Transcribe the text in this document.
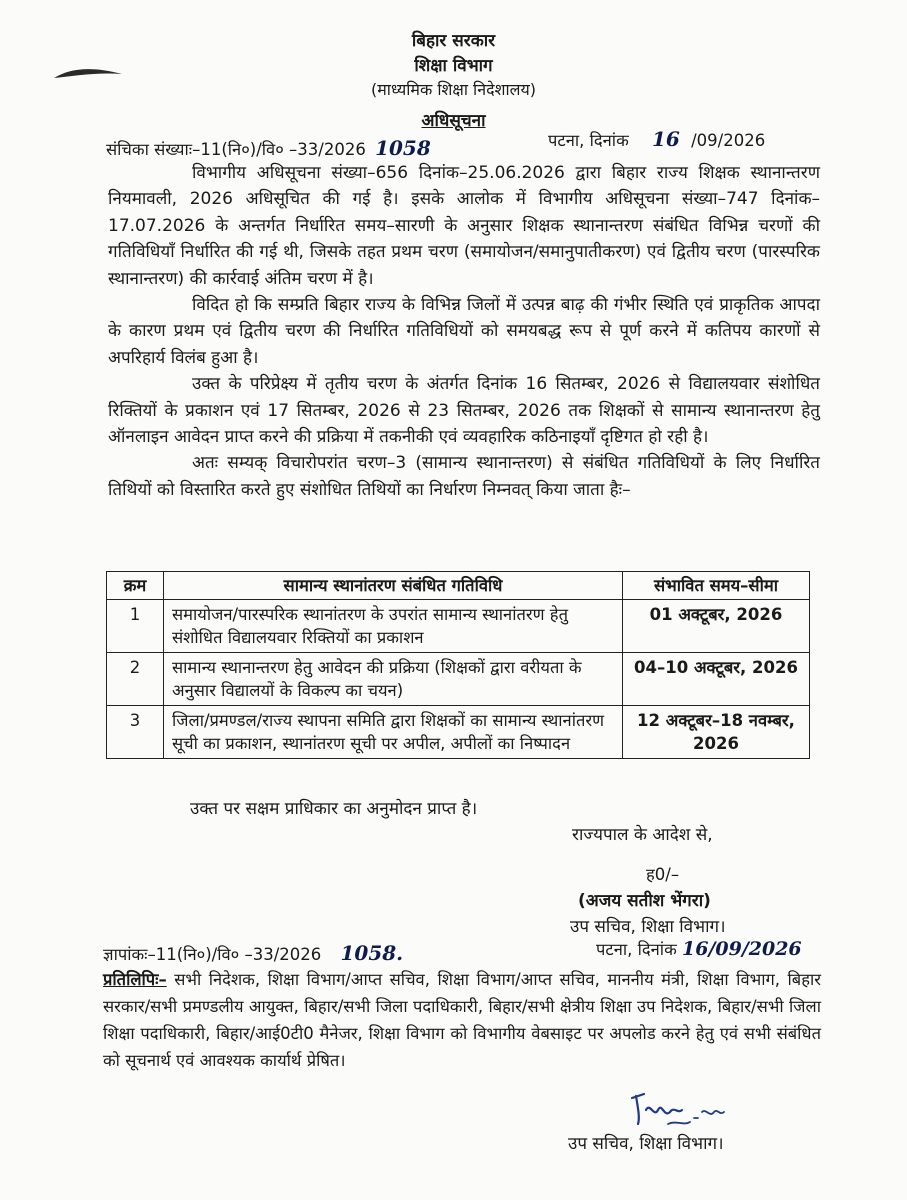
बिहार सरकार
शिक्षा विभाग
(माध्यमिक शिक्षा निदेशालय)
अधिसूचना
संचिका संख्याः–11(नि०)/वि० –33/2026 1058	पटना, दिनांक 16 /09/2026

विभागीय अधिसूचना संख्या–656 दिनांक–25.06.2026 द्वारा बिहार राज्य शिक्षक स्थानान्तरण नियमावली, 2026 अधिसूचित की गई है। इसके आलोक में विभागीय अधिसूचना संख्या–747 दिनांक–17.07.2026 के अन्तर्गत निर्धारित समय–सारणी के अनुसार शिक्षक स्थानान्तरण संबंधित विभिन्न चरणों की गतिविधियाँ निर्धारित की गई थी, जिसके तहत प्रथम चरण (समायोजन/समानुपातीकरण) एवं द्वितीय चरण (पारस्परिक स्थानान्तरण) की कार्रवाई अंतिम चरण में है।

विदित हो कि सम्प्रति बिहार राज्य के विभिन्न जिलों में उत्पन्न बाढ़ की गंभीर स्थिति एवं प्राकृतिक आपदा के कारण प्रथम एवं द्वितीय चरण की निर्धारित गतिविधियों को समयबद्ध रूप से पूर्ण करने में कतिपय कारणों से अपरिहार्य विलंब हुआ है।

उक्त के परिप्रेक्ष्य में तृतीय चरण के अंतर्गत दिनांक 16 सितम्बर, 2026 से विद्यालयवार संशोधित रिक्तियों के प्रकाशन एवं 17 सितम्बर, 2026 से 23 सितम्बर, 2026 तक शिक्षकों से सामान्य स्थानान्तरण हेतु ऑनलाइन आवेदन प्राप्त करने की प्रक्रिया में तकनीकी एवं व्यवहारिक कठिनाइयाँ दृष्टिगत हो रही है।

अतः सम्यक् विचारोपरांत चरण–3 (सामान्य स्थानान्तरण) से संबंधित गतिविधियों के लिए निर्धारित तिथियों को विस्तारित करते हुए संशोधित तिथियों का निर्धारण निम्नवत् किया जाता हैः–

क्रम	सामान्य स्थानांतरण संबंधित गतिविधि	संभावित समय–सीमा
1	समायोजन/पारस्परिक स्थानांतरण के उपरांत सामान्य स्थानांतरण हेतु संशोधित विद्यालयवार रिक्तियों का प्रकाशन	01 अक्टूबर, 2026
2	सामान्य स्थानान्तरण हेतु आवेदन की प्रक्रिया (शिक्षकों द्वारा वरीयता के अनुसार विद्यालयों के विकल्प का चयन)	04–10 अक्टूबर, 2026
3	जिला/प्रमण्डल/राज्य स्थापना समिति द्वारा शिक्षकों का सामान्य स्थानांतरण सूची का प्रकाशन, स्थानांतरण सूची पर अपील, अपीलों का निष्पादन	12 अक्टूबर–18 नवम्बर, 2026
उक्त पर सक्षम प्राधिकार का अनुमोदन प्राप्त है।
राज्यपाल के आदेश से,
ह0/–
(अजय सतीश भेंगरा)
उप सचिव, शिक्षा विभाग।
ज्ञापांकः–11(नि०)/वि० –33/2026 1058.	पटना, दिनांक 16/09/2026
प्रतिलिपिः– सभी निदेशक, शिक्षा विभाग/आप्त सचिव, शिक्षा विभाग/आप्त सचिव, माननीय मंत्री, शिक्षा विभाग, बिहार सरकार/सभी प्रमण्डलीय आयुक्त, बिहार/सभी जिला पदाधिकारी, बिहार/सभी क्षेत्रीय शिक्षा उप निदेशक, बिहार/सभी जिला शिक्षा पदाधिकारी, बिहार/आई0टी0 मैनेजर, शिक्षा विभाग को विभागीय वेबसाइट पर अपलोड करने हेतु एवं सभी संबंधित को सूचनार्थ एवं आवश्यक कार्यार्थ प्रेषित।
उप सचिव, शिक्षा विभाग।
